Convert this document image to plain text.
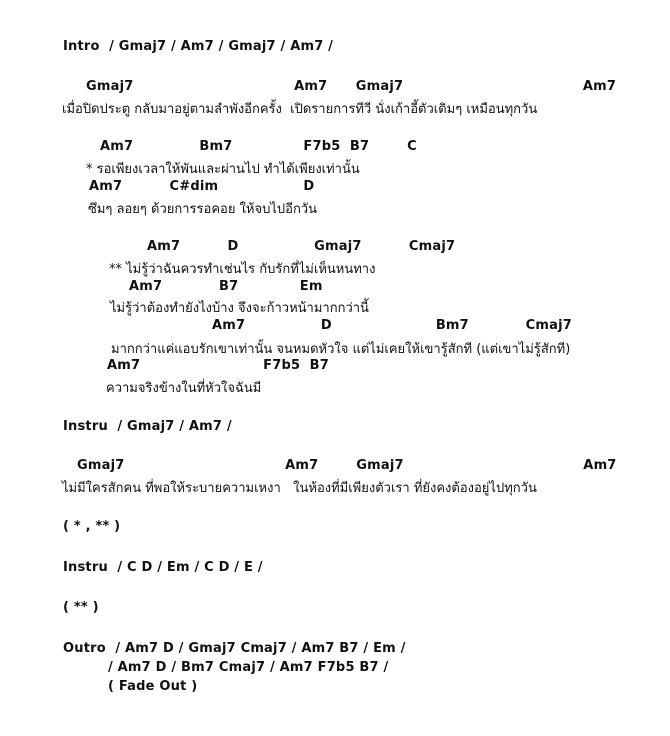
Intro  / Gmaj7 / Am7 / Gmaj7 / Am7 /
Gmaj7                                  Am7      Gmaj7                                      Am7
เมื่อปิดประตู กลับมาอยู่ตามลำพังอีกครั้ง  เปิดรายการทีวี นั่งเก้าอี้ตัวเดิมๆ เหมือนทุกวัน
Am7              Bm7               F7b5  B7        C
* รอเพียงเวลาให้พันและผ่านไป ทำได้เพียงเท่านั้น
Am7          C#dim                  D
ซึมๆ ลอยๆ ด้วยการรอคอย ให้จบไปอีกวัน
Am7          D                Gmaj7          Cmaj7
** ไม่รู้ว่าฉันควรทำเช่นไร กับรักที่ไม่เห็นหนทาง
Am7            B7             Em
ไม่รู้ว่าต้องทำยังไงบ้าง จึงจะก้าวหน้ามากกว่านี้
Am7                D                      Bm7            Cmaj7
มากกว่าแค่แอบรักเขาเท่านั้น จนหมดหัวใจ แต่ไม่เคยให้เขารู้สักที (แต่เขาไม่รู้สักที)
Am7                          F7b5  B7
ความจริงข้างในที่หัวใจฉันมี
Instru  / Gmaj7 / Am7 /
Gmaj7                                  Am7        Gmaj7                                      Am7
ไม่มีใครสักคน ที่พอให้ระบายความเหงา   ในห้องที่มีเพียงตัวเรา ที่ยังคงต้องอยู่ไปทุกวัน
( * , ** )
Instru  / C D / Em / C D / E /
( ** )
Outro  / Am7 D / Gmaj7 Cmaj7 / Am7 B7 / Em /
/ Am7 D / Bm7 Cmaj7 / Am7 F7b5 B7 /
( Fade Out )
